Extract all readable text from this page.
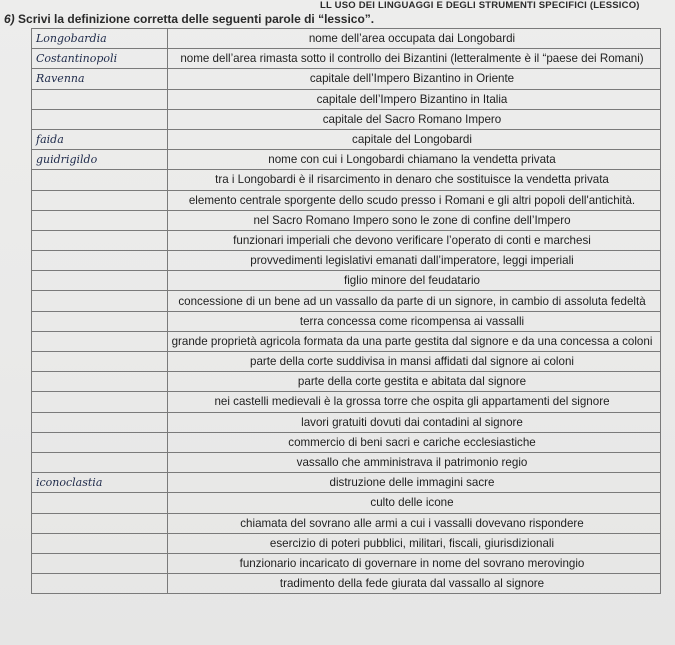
LL USO DEI LINGUAGGI E DEGLI STRUMENTI SPECIFICI (LESSICO)
6) Scrivi la definizione corretta delle seguenti parole di “lessico”.
Longobardia	nome dell’area occupata dai Longobardi
Costantinopoli	nome dell’area rimasta sotto il controllo dei Bizantini (letteralmente è il “paese dei Romani)
Ravenna	capitale dell’Impero Bizantino in Oriente
	capitale dell’Impero Bizantino in Italia
	capitale del Sacro Romano Impero
faida	capitale del Longobardi
guidrigildo	nome con cui i Longobardi chiamano la vendetta privata
	tra i Longobardi è il risarcimento in denaro che sostituisce la vendetta privata
	elemento centrale sporgente dello scudo presso i Romani e gli altri popoli dell'antichità.
	nel Sacro Romano Impero sono le zone di confine dell’Impero
	funzionari imperiali che devono verificare l’operato di conti e marchesi
	provvedimenti legislativi emanati dall’imperatore, leggi imperiali
	figlio minore del feudatario
	concessione di un bene ad un vassallo da parte di un signore, in cambio di assoluta fedeltà
	terra concessa come ricompensa ai vassalli
	grande proprietà agricola formata da una parte gestita dal signore e da una concessa a coloni
	parte della corte suddivisa in mansi affidati dal signore ai coloni
	parte della corte gestita e abitata dal signore
	nei castelli medievali è la grossa torre che ospita gli appartamenti del signore
	lavori gratuiti dovuti dai contadini al signore
	commercio di beni sacri e cariche ecclesiastiche
	vassallo che amministrava il patrimonio regio
iconoclastia	distruzione delle immagini sacre
	culto delle icone
	chiamata del sovrano alle armi a cui i vassalli dovevano rispondere
	esercizio di poteri pubblici, militari, fiscali, giurisdizionali
	funzionario incaricato di governare in nome del sovrano merovingio
	tradimento della fede giurata dal vassallo al signore
